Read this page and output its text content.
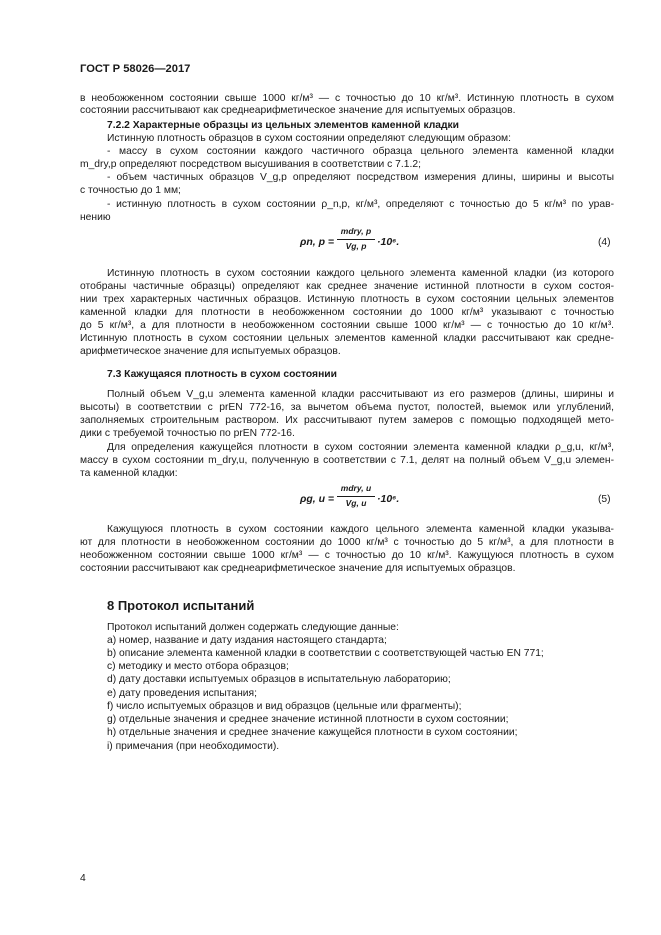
ГОСТ Р 58026—2017
в необожженном состоянии свыше 1000 кг/м³ — с точностью до 10 кг/м³. Истинную плотность в сухом
состоянии рассчитывают как среднеарифметическое значение для испытуемых образцов.
7.2.2 Характерные образцы из цельных элементов каменной кладки
Истинную плотность образцов в сухом состоянии определяют следующим образом:
- массу в сухом состоянии каждого частичного образца цельного элемента каменной кладки
m_dry,p определяют посредством высушивания в соответствии с 7.1.2;
- объем частичных образцов V_g,p определяют посредством измерения длины, ширины и высоты
с точностью до 1 мм;
- истинную плотность в сухом состоянии ρ_n,p, кг/м³, определяют с точностью до 5 кг/м³ по урав-
нению
ρn, p =
mdry, p
Vg, p	·10⁶.	(4)
Истинную плотность в сухом состоянии каждого цельного элемента каменной кладки (из которого
отобраны частичные образцы) определяют как среднее значение истинной плотности в сухом состоя-
нии трех характерных частичных образцов. Истинную плотность в сухом состоянии цельных элементов
каменной кладки для плотности в необожженном состоянии до 1000 кг/м³ указывают с точностью
до 5 кг/м³, а для плотности в необожженном состоянии свыше 1000 кг/м³ — с точностью до 10 кг/м³.
Истинную плотность в сухом состоянии цельных элементов каменной кладки рассчитывают как средне-
арифметическое значение для испытуемых образцов.
7.3 Кажущаяся плотность в сухом состоянии
Полный объем V_g,u элемента каменной кладки рассчитывают из его размеров (длины, ширины и
высоты) в соответствии с prEN 772-16, за вычетом объема пустот, полостей, выемок или углублений,
заполняемых строительным раствором. Их рассчитывают путем замеров с помощью подходящей мето-
дики с требуемой точностью по prEN 772-16.
Для определения кажущейся плотности в сухом состоянии элемента каменной кладки ρ_g,u, кг/м³,
массу в сухом состоянии m_dry,u, полученную в соответствии с 7.1, делят на полный объем V_g,u элемен-
та каменной кладки:
ρg, u =
mdry, u
Vg, u	·10⁶.	(5)
Кажущуюся плотность в сухом состоянии каждого цельного элемента каменной кладки указыва-
ют для плотности в необожженном состоянии до 1000 кг/м³ с точностью до 5 кг/м³, а для плотности в
необожженном состоянии свыше 1000 кг/м³ — с точностью до 10 кг/м³. Кажущуюся плотность в сухом
состоянии рассчитывают как среднеарифметическое значение для испытуемых образцов.
8 Протокол испытаний
Протокол испытаний должен содержать следующие данные:
а) номер, название и дату издания настоящего стандарта;
b) описание элемента каменной кладки в соответствии с соответствующей частью EN 771;
c) методику и место отбора образцов;
d) дату доставки испытуемых образцов в испытательную лабораторию;
е) дату проведения испытания;
f) число испытуемых образцов и вид образцов (цельные или фрагменты);
g) отдельные значения и среднее значение истинной плотности в сухом состоянии;
h) отдельные значения и среднее значение кажущейся плотности в сухом состоянии;
i) примечания (при необходимости).
4
